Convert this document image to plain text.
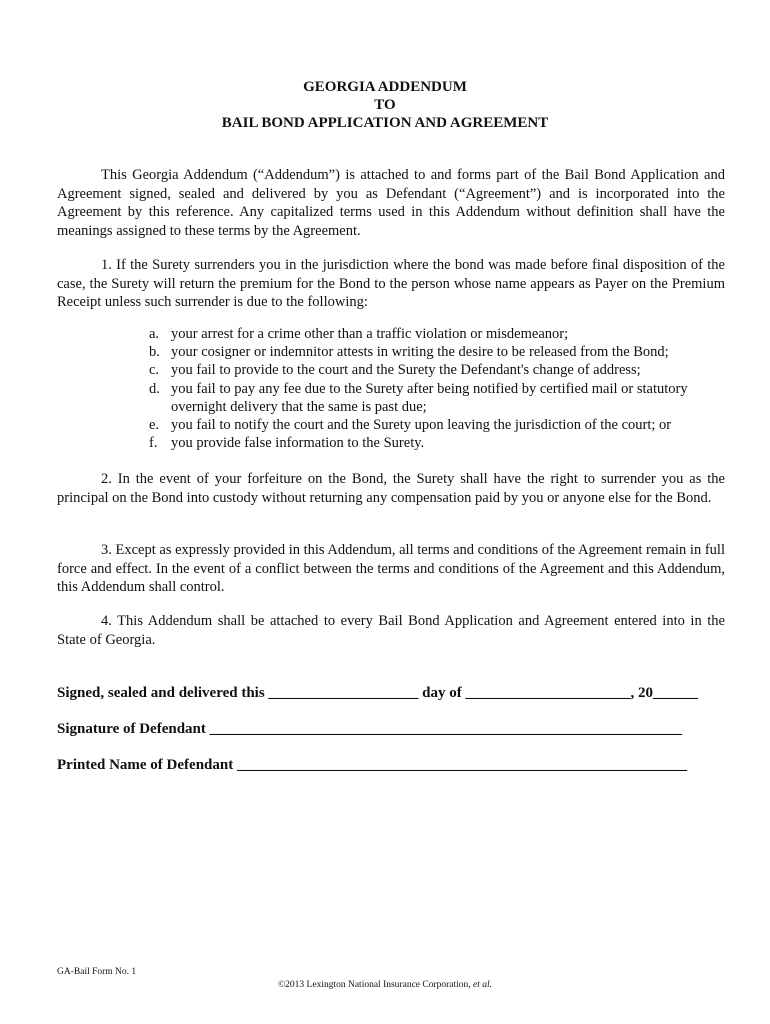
GEORGIA ADDENDUM
TO
BAIL BOND APPLICATION AND AGREEMENT

This Georgia Addendum (“Addendum”) is attached to and forms part of the Bail Bond Application and Agreement signed, sealed and delivered by you as Defendant (“Agreement”) and is incorporated into the Agreement by this reference. Any capitalized terms used in this Addendum without definition shall have the meanings assigned to these terms by the Agreement.

1. If the Surety surrenders you in the jurisdiction where the bond was made before final disposition of the case, the Surety will return the premium for the Bond to the person whose name appears as Payer on the Premium Receipt unless such surrender is due to the following:

a. your arrest for a crime other than a traffic violation or misdemeanor;
b. your cosigner or indemnitor attests in writing the desire to be released from the Bond;
c. you fail to provide to the court and the Surety the Defendant's change of address;
d. you fail to pay any fee due to the Surety after being notified by certified mail or statutory overnight delivery that the same is past due;
e. you fail to notify the court and the Surety upon leaving the jurisdiction of the court; or
f. you provide false information to the Surety.

2. In the event of your forfeiture on the Bond, the Surety shall have the right to surrender you as the principal on the Bond into custody without returning any compensation paid by you or anyone else for the Bond.

3. Except as expressly provided in this Addendum, all terms and conditions of the Agreement remain in full force and effect. In the event of a conflict between the terms and conditions of the Agreement and this Addendum, this Addendum shall control.

4. This Addendum shall be attached to every Bail Bond Application and Agreement entered into in the State of Georgia.

Signed, sealed and delivered this ____________________ day of ______________________, 20______
Signature of Defendant _______________________________________________________________
Printed Name of Defendant ____________________________________________________________
GA-Bail Form No. 1
©2013 Lexington National Insurance Corporation, et al.
